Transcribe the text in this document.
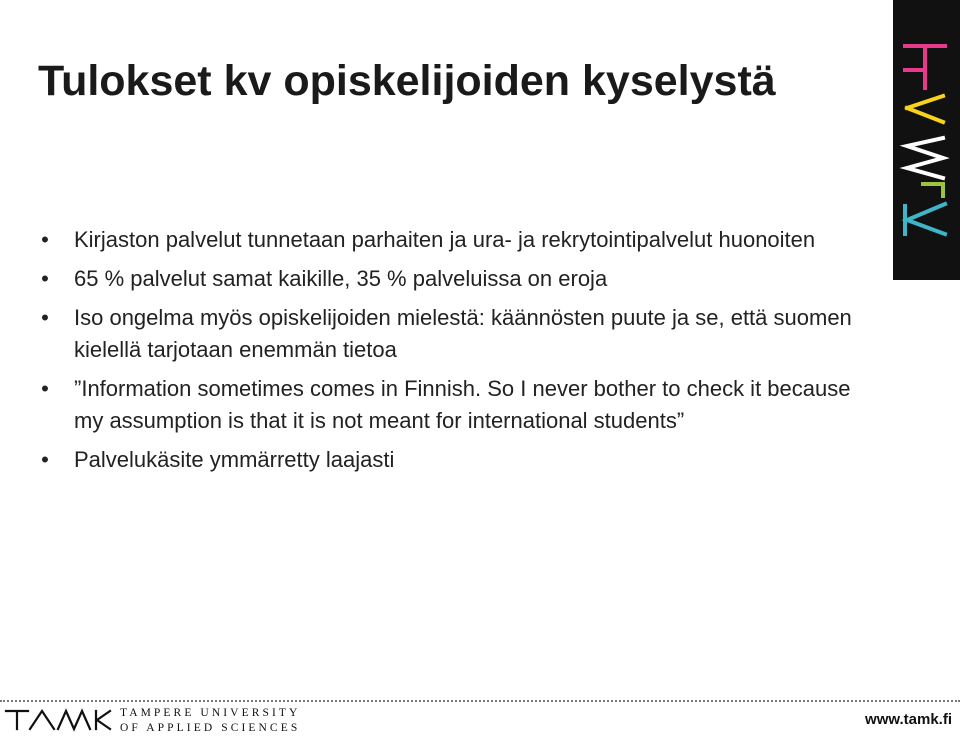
Tulokset kv opiskelijoiden kyselystä
• Kirjaston palvelut tunnetaan parhaiten ja ura- ja rekrytointipalvelut huonoiten
• 65 % palvelut samat kaikille, 35 % palveluissa on eroja
• Iso ongelma myös opiskelijoiden mielestä: käännösten puute ja se, että suomen kielellä tarjotaan enemmän tietoa
• ”Information sometimes comes in Finnish. So I never bother to check it because my assumption is that it is not meant for international students”
• Palvelukäsite ymmärretty laajasti
TAMPERE UNIVERSITY
OF APPLIED SCIENCES	www.tamk.fi
